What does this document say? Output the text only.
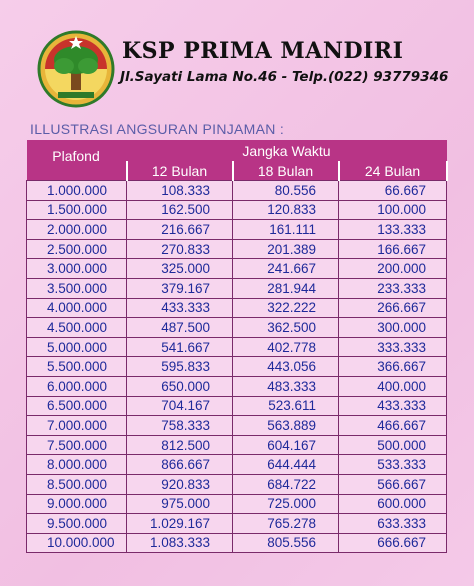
KSP PRIMA MANDIRI
Jl.Sayati Lama No.46 - Telp.(022) 93779346
ILLUSTRASI ANGSURAN PINJAMAN :
Plafond	Jangka Waktu		
	12 Bulan	18 Bulan	24 Bulan
1.000.000	108.333	80.556	66.667
1.500.000	162.500	120.833	100.000
2.000.000	216.667	161.111	133.333
2.500.000	270.833	201.389	166.667
3.000.000	325.000	241.667	200.000
3.500.000	379.167	281.944	233.333
4.000.000	433.333	322.222	266.667
4.500.000	487.500	362.500	300.000
5.000.000	541.667	402.778	333.333
5.500.000	595.833	443.056	366.667
6.000.000	650.000	483.333	400.000
6.500.000	704.167	523.611	433.333
7.000.000	758.333	563.889	466.667
7.500.000	812.500	604.167	500.000
8.000.000	866.667	644.444	533.333
8.500.000	920.833	684.722	566.667
9.000.000	975.000	725.000	600.000
9.500.000	1.029.167	765.278	633.333
10.000.000	1.083.333	805.556	666.667
